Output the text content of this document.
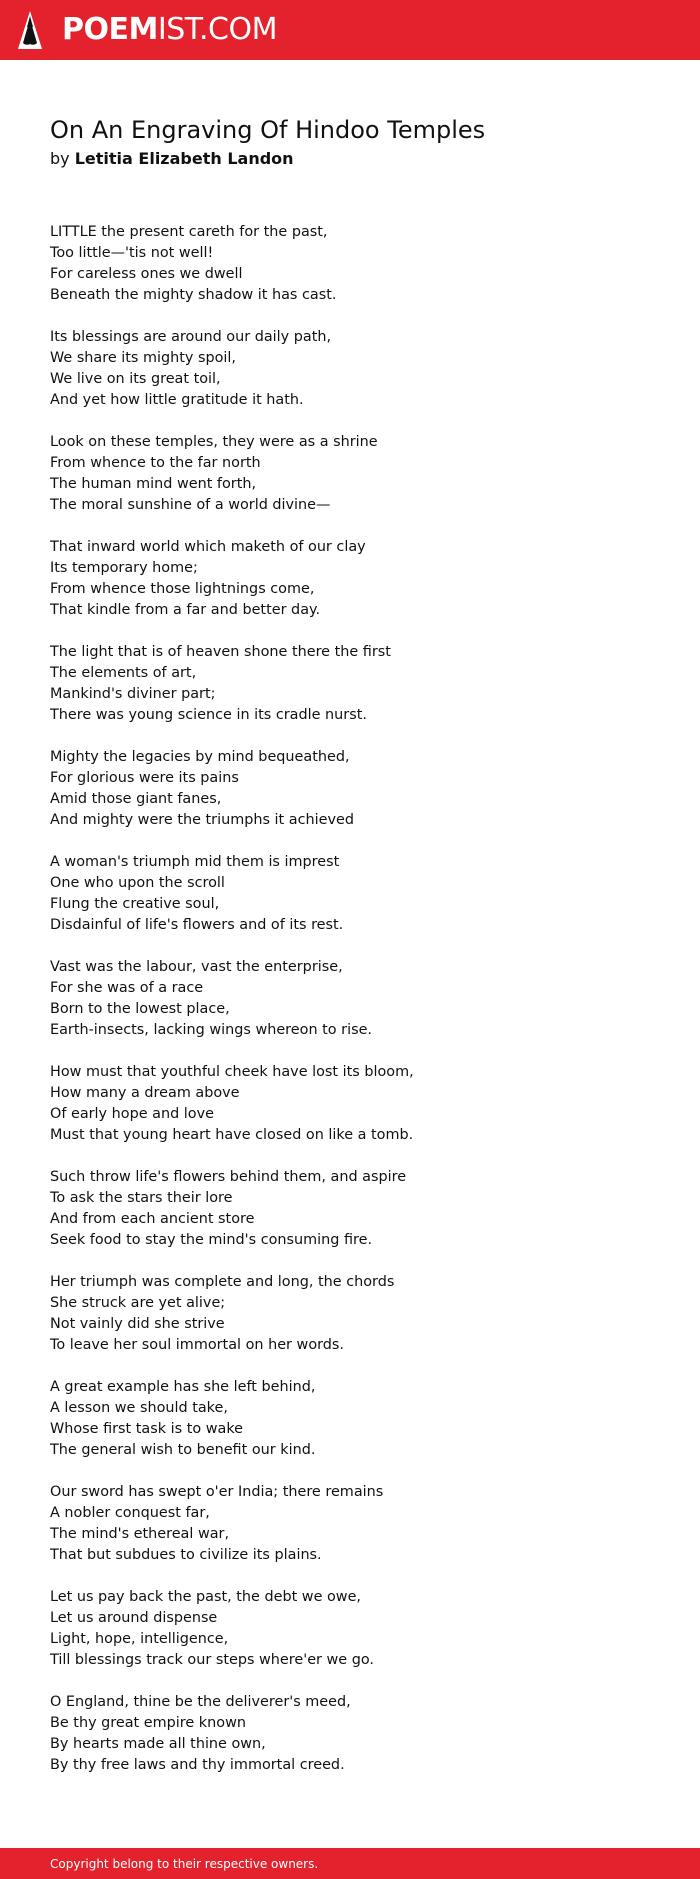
POEMIST.COM
On An Engraving Of Hindoo Temples

by Letitia Elizabeth Landon

LITTLE the present careth for the past,
Too little—'tis not well!
For careless ones we dwell
Beneath the mighty shadow it has cast.

Its blessings are around our daily path,
We share its mighty spoil,
We live on its great toil,
And yet how little gratitude it hath.

Look on these temples, they were as a shrine
From whence to the far north
The human mind went forth,
The moral sunshine of a world divine—

That inward world which maketh of our clay
Its temporary home;
From whence those lightnings come,
That kindle from a far and better day.

The light that is of heaven shone there the first
The elements of art,
Mankind's diviner part;
There was young science in its cradle nurst.

Mighty the legacies by mind bequeathed,
For glorious were its pains
Amid those giant fanes,
And mighty were the triumphs it achieved

A woman's triumph mid them is imprest
One who upon the scroll
Flung the creative soul,
Disdainful of life's flowers and of its rest.

Vast was the labour, vast the enterprise,
For she was of a race
Born to the lowest place,
Earth-insects, lacking wings whereon to rise.

How must that youthful cheek have lost its bloom,
How many a dream above
Of early hope and love
Must that young heart have closed on like a tomb.

Such throw life's flowers behind them, and aspire
To ask the stars their lore
And from each ancient store
Seek food to stay the mind's consuming fire.

Her triumph was complete and long, the chords
She struck are yet alive;
Not vainly did she strive
To leave her soul immortal on her words.

A great example has she left behind,
A lesson we should take,
Whose first task is to wake
The general wish to benefit our kind.

Our sword has swept o'er India; there remains
A nobler conquest far,
The mind's ethereal war,
That but subdues to civilize its plains.

Let us pay back the past, the debt we owe,
Let us around dispense
Light, hope, intelligence,
Till blessings track our steps where'er we go.

O England, thine be the deliverer's meed,
Be thy great empire known
By hearts made all thine own,
By thy free laws and thy immortal creed.

Copyright belong to their respective owners.
